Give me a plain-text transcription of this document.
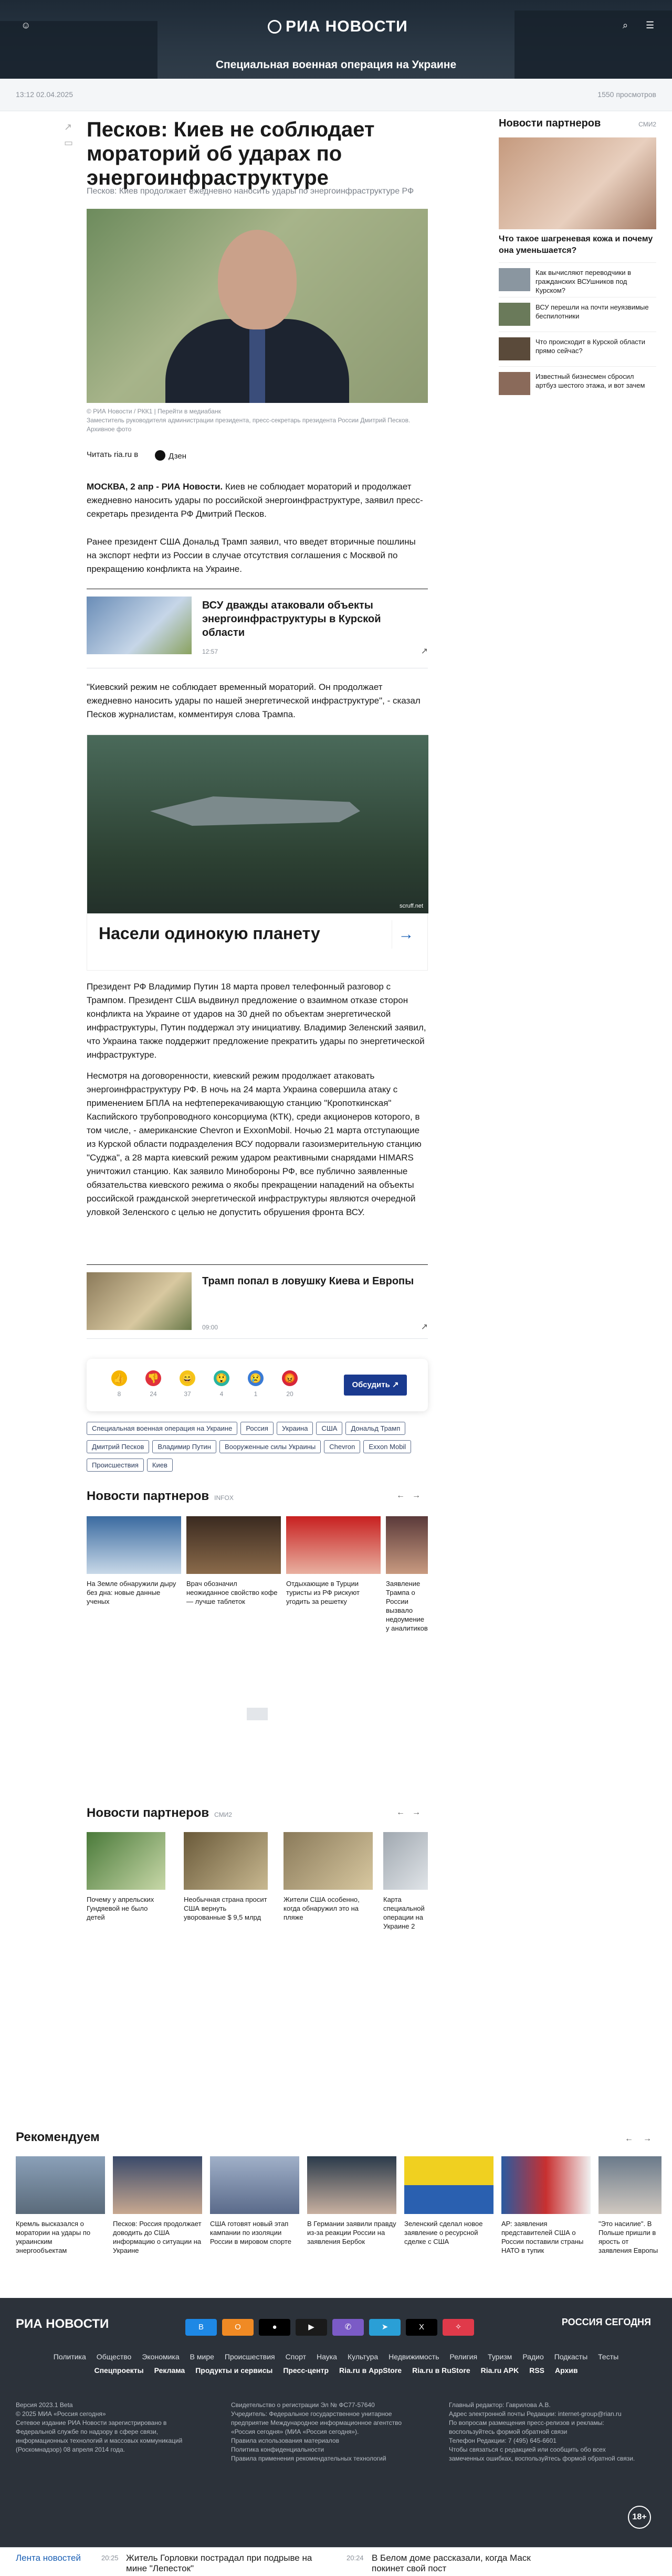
☺	РИА НОВОСТИ	⌕ ☰
Специальная военная операция на Украине
13:12 02.04.2025	1550 просмотров
↗
▭
Песков: Киев не соблюдает мораторий об ударах по энергоинфраструктуре
Песков: Киев продолжает ежедневно наносить удары по энергоинфраструктуре РФ
© РИА Новости / РКК1 | Перейти в медиабанк
Заместитель руководителя администрации президента, пресс-секретарь президента России Дмитрий Песков. Архивное фото
Читать ria.ru в	Дзен

МОСКВА, 2 апр - РИА Новости. Киев не соблюдает мораторий и продолжает ежедневно наносить удары по российской энергоинфраструктуре, заявил пресс-секретарь президента РФ Дмитрий Песков.

Ранее президент США Дональд Трамп заявил, что введет вторичные пошлины на экспорт нефти из России в случае отсутствия соглашения с Москвой по прекращению конфликта на Украине.

ВСУ дважды атаковали объекты энергоинфраструктуры в Курской области
12:57	↗

"Киевский режим не соблюдает временный мораторий. Он продолжает ежедневно наносить удары по нашей энергетической инфраструктуре", - сказал Песков журналистам, комментируя слова Трампа.

scruff.net
Насели одинокую планету	→

Президент РФ Владимир Путин 18 марта провел телефонный разговор с Трампом. Президент США выдвинул предложение о взаимном отказе сторон конфликта на Украине от ударов на 30 дней по объектам энергетической инфраструктуры, Путин поддержал эту инициативу. Владимир Зеленский заявил, что Украина также поддержит предложение прекратить удары по энергетической инфраструктуре.

Несмотря на договоренности, киевский режим продолжает атаковать энергоинфраструктуру РФ. В ночь на 24 марта Украина совершила атаку с применением БПЛА на нефтеперекачивающую станцию "Кропоткинская" Каспийского трубопроводного консорциума (КТК), среди акционеров которого, в том числе, - американские Chevron и ExxonMobil. Ночью 21 марта отступающие из Курской области подразделения ВСУ подорвали газоизмерительную станцию "Суджа", а 28 марта киевский режим ударом реактивными снарядами HIMARS уничтожил станцию. Как заявило Минобороны РФ, все публично заявленные обязательства киевского режима о якобы прекращении нападений на объекты российской гражданской энергетической инфраструктуры являются очередной уловкой Зеленского с целью не допустить обрушения фронта ВСУ.

Трамп попал в ловушку Киева и Европы
09:00	↗
👍
8
👎
24
😄
37
😲
4
😢
1
😡
20
Обсудить ↗
Специальная военная операция на Украине Россия Украина США Дональд ТрампДмитрий Песков Владимир Путин Вооруженные силы Украины Chevron Exxon MobilПроисшествия Киев
Новости партнеров INFOX	← →
На Земле обнаружили дыру без дна: новые данные ученых
Врач обозначил неожиданное свойство кофе — лучше таблеток
Отдыхающие в Турции туристы из РФ рискуют угодить за решетку
Заявление Трампа о России вызвало недоумение у аналитиков
Новости партнеров СМИ2	← →
Почему у апрельских Гундяевой не было детей
Необычная страна просит США вернуть уворованные $ 9,5 млрд
Жители США особенно, когда обнаружил это на пляже
Карта специальной операции на Украине 2
Новости партнеров	СМИ2
Что такое шагреневая кожа и почему она уменьшается?
Как вычисляют переводчики в гражданских ВСУшников под Курском?
ВСУ перешли на почти неуязвимые беспилотники
Что происходит в Курской области прямо сейчас?
Известный бизнесмен сбросил артбуз шестого этажа, и вот зачем
Рекомендуем	← →
Кремль высказался о моратории на удары по украинским энергообъектам
Песков: Россия продолжает доводить до США информацию о ситуации на Украине
США готовят новый этап кампании по изоляции России в мировом спорте
В Германии заявили правду из-за реакции России на заявления Бербок
Зеленский сделал новое заявление о ресурсной сделке с США
АР: заявления представителей США о России поставили страны НАТО в тупик
"Это насилие". В Польше пришли в ярость от заявления Европы
РИА НОВОСТИ	В	О	●	▶	✆	➤	X	✧	РОССИЯ СЕГОДНЯ
Политика Общество Экономика В мире Происшествия Спорт Наука Культура Недвижимость Религия Туризм Радио Подкасты Тесты
Спецпроекты Реклама Продукты и сервисы Пресс-центр Ria.ru в AppStore Ria.ru в RuStore Ria.ru APK RSS Архив
Версия 2023.1 Beta
© 2025 МИА «Россия сегодня»
Сетевое издание РИА Новости зарегистрировано в Федеральной службе по надзору в сфере связи, информационных технологий и массовых коммуникаций (Роскомнадзор) 08 апреля 2014 года.
Свидетельство о регистрации Эл № ФС77-57640
Учредитель: Федеральное государственное унитарное предприятие Международное информационное агентство «Россия сегодня» (МИА «Россия сегодня»).
Правила использования материалов
Политика конфиденциальности
Правила применения рекомендательных технологий
Главный редактор: Гаврилова А.В.
Адрес электронной почты Редакции: internet-group@rian.ru
По вопросам размещения пресс-релизов и рекламы: воспользуйтесь формой обратной связи
Телефон Редакции: 7 (495) 645-6601
Чтобы связаться с редакцией или сообщить обо всех замеченных ошибках, воспользуйтесь формой обратной связи.
18+
Лента новостей	20:25 Житель Горловки пострадал при подрыве на мине "Лепесток"
20:24 В Белом доме рассказали, когда Маск покинет свой пост
